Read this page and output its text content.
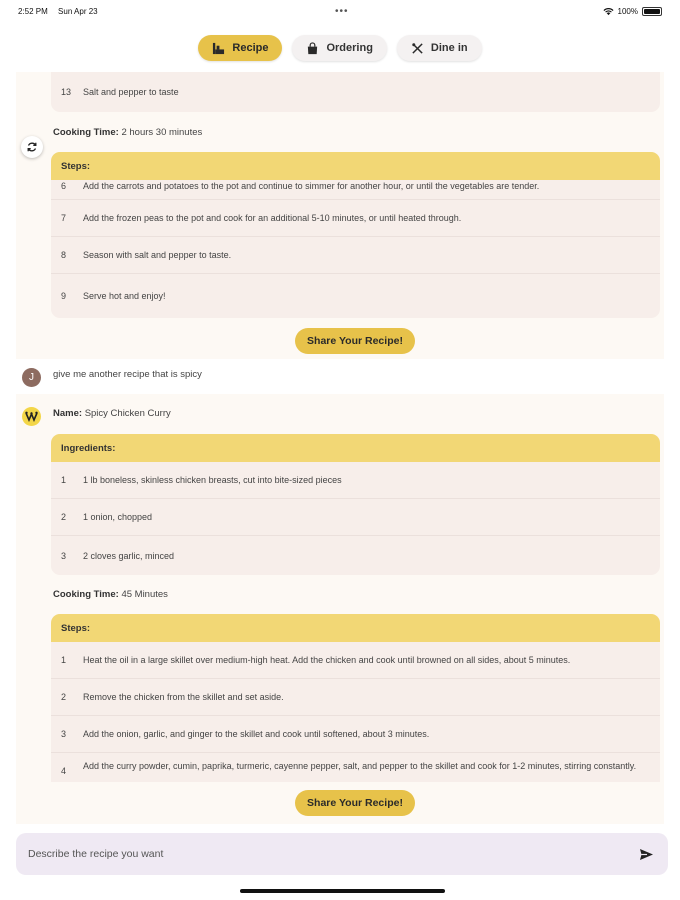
2:52 PM Sun Apr 23	100%
•••
Recipe	Ordering	Dine in
13	Salt and pepper to taste
Cooking Time: 2 hours 30 minutes
Steps:
6	Add the carrots and potatoes to the pot and continue to simmer for another hour, or until the vegetables are tender.
7	Add the frozen peas to the pot and cook for an additional 5-10 minutes, or until heated through.
8	Season with salt and pepper to taste.
9	Serve hot and enjoy!
Share Your Recipe!
J	give me another recipe that is spicy
Name: Spicy Chicken Curry
Ingredients:
1	1 lb boneless, skinless chicken breasts, cut into bite-sized pieces
2	1 onion, chopped
3	2 cloves garlic, minced
Cooking Time: 45 Minutes
Steps:
1	Heat the oil in a large skillet over medium-high heat. Add the chicken and cook until browned on all sides, about 5 minutes.
2	Remove the chicken from the skillet and set aside.
3	Add the onion, garlic, and ginger to the skillet and cook until softened, about 3 minutes.
4	Add the curry powder, cumin, paprika, turmeric, cayenne pepper, salt, and pepper to the skillet and cook for 1-2 minutes, stirring constantly.
Share Your Recipe!
Describe the recipe you want
